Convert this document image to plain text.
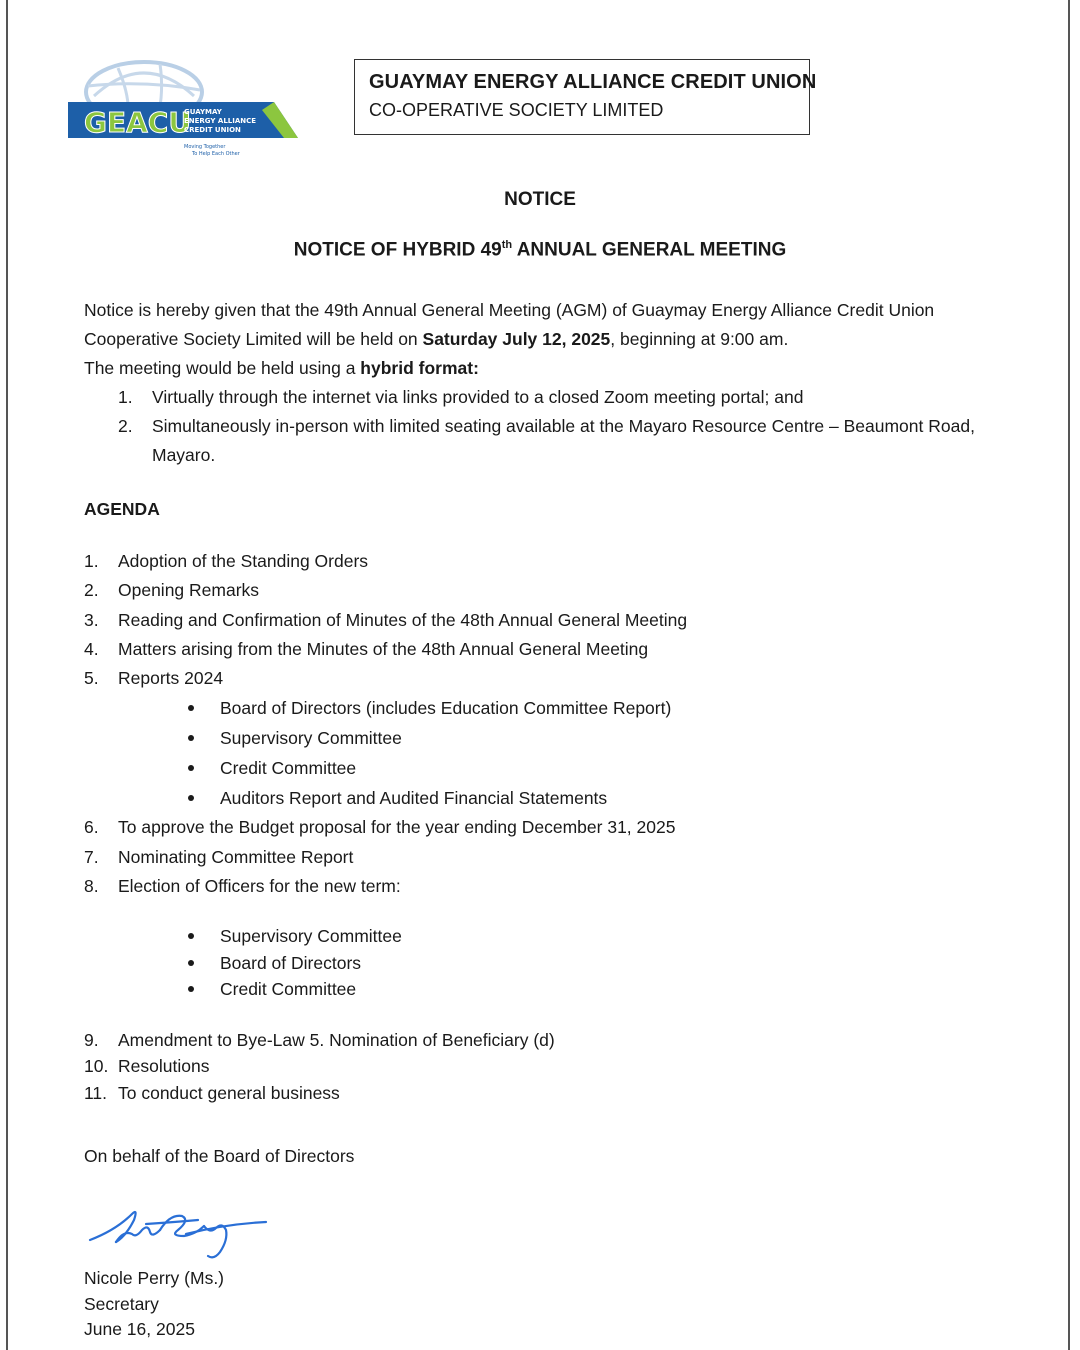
GEACU
GUAYMAY
ENERGY ALLIANCE
CREDIT UNION
Moving Together
To Help Each Other
GUAYMAY ENERGY ALLIANCE CREDIT UNION
CO-OPERATIVE SOCIETY LIMITED
NOTICE
NOTICE OF HYBRID 49th ANNUAL GENERAL MEETING

Notice is hereby given that the 49th Annual General Meeting (AGM) of Guaymay Energy Alliance Credit Union Cooperative Society Limited will be held on Saturday July 12, 2025, beginning at 9:00 am.

The meeting would be held using a hybrid format:

1. Virtually through the internet via links provided to a closed Zoom meeting portal; and
2. Simultaneously in-person with limited seating available at the Mayaro Resource Centre – Beaumont Road, Mayaro.
AGENDA
1.	Adoption of the Standing Orders
2.	Opening Remarks
3.	Reading and Confirmation of Minutes of the 48th Annual General Meeting
4.	Matters arising from the Minutes of the 48th Annual General Meeting
5.	Reports 2024
Board of Directors (includes Education Committee Report)
Supervisory Committee
Credit Committee
Auditors Report and Audited Financial Statements
6.	To approve the Budget proposal for the year ending December 31, 2025
7.	Nominating Committee Report
8.	Election of Officers for the new term:
Supervisory Committee
Board of Directors
Credit Committee
9.	Amendment to Bye-Law 5. Nomination of Beneficiary (d)
10. Resolutions
11. To conduct general business
On behalf of the Board of Directors
Nicole Perry (Ms.)
Secretary
June 16, 2025
